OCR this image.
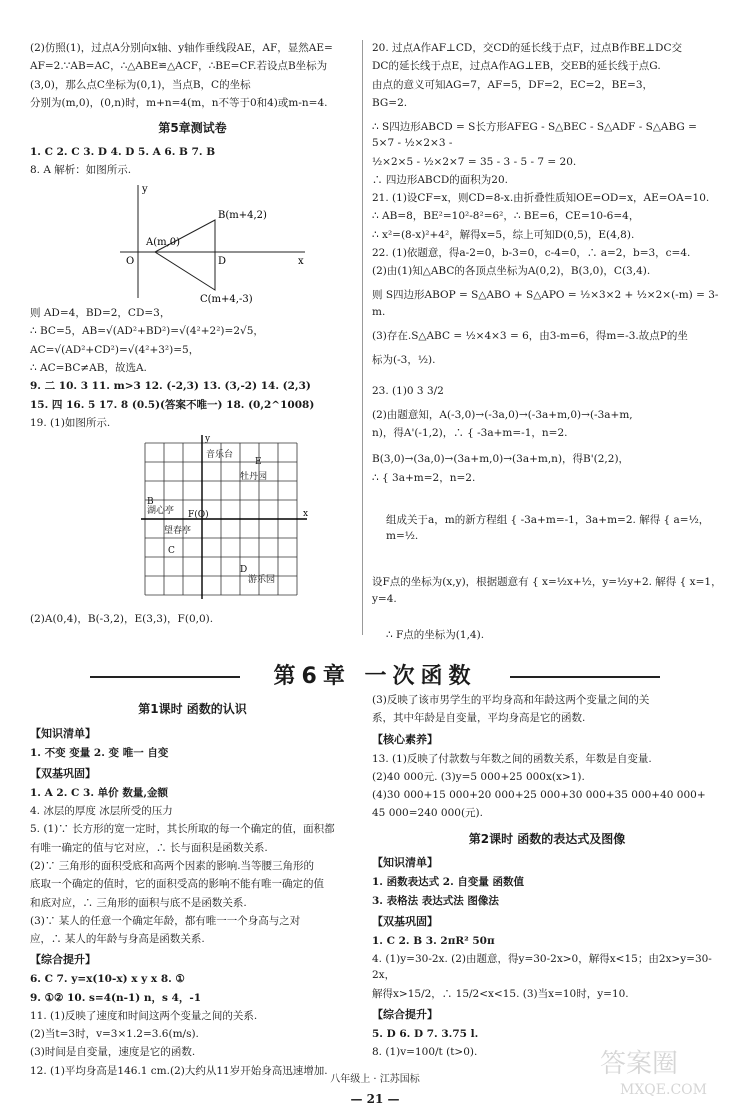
(2)仿照(1)，过点A分别向x轴、y轴作垂线段AE，AF，显然AE=
AF=2.∵AB=AC，∴△ABE≌△ACF，∴BE=CF.若设点B坐标为
(3,0)，那么点C坐标为(0,1)，当点B，C的坐标
分别为(m,0)，(0,n)时，m+n=4(m，n不等于0和4)或m-n=4.
第5章测试卷
1. C 2. C 3. D 4. D 5. A 6. B 7. B
8. A 解析：如图所示.
y
x
O
A(m,0)
B(m+4,2)
D
C(m+4,-3)
则 AD=4，BD=2，CD=3，
∴ BC=5，AB=√(AD²+BD²)=√(4²+2²)=2√5，
AC=√(AD²+CD²)=√(4²+3²)=5，
∴ AC=BC≠AB，故选A.
9. 二 10. 3 11. m>3 12. (-2,3) 13. (3,-2) 14. (2,3)
15. 四 16. 5 17. 8 (0.5)(答案不唯一) 18. (0,2^1008)
19. (1)如图所示.
y
x
音乐台
E
牡丹园
B
湖心亭
望春亭
F(O)
C
D
游乐园
(2)A(0,4)，B(-3,2)，E(3,3)，F(0,0).
20. 过点A作AF⊥CD，交CD的延长线于点F，过点B作BE⊥DC交
DC的延长线于点E，过点A作AG⊥EB，交EB的延长线于点G.
由点的意义可知AG=7，AF=5，DF=2，EC=2，BE=3，
BG=2.
∴ S四边形ABCD = S长方形AFEG - S△BEC - S△ADF - S△ABG = 5×7 - ½×2×3 -
½×2×5 - ½×2×7 = 35 - 3 - 5 - 7 = 20.
∴ 四边形ABCD的面积为20.
21. (1)设CF=x，则CD=8-x.由折叠性质知OE=OD=x，AE=OA=10.
∴ AB=8，BE²=10²-8²=6²，∴ BE=6，CE=10-6=4，
∴ x²=(8-x)²+4²，解得x=5，综上可知D(0,5)，E(4,8).
22. (1)依题意，得a-2=0，b-3=0，c-4=0，∴ a=2，b=3，c=4.
(2)由(1)知△ABC的各顶点坐标为A(0,2)，B(3,0)，C(3,4).
则 S四边形ABOP = S△ABO + S△APO = ½×3×2 + ½×2×(-m) = 3-m.
(3)存在.S△ABC = ½×4×3 = 6，由3-m=6，得m=-3.故点P的坐
标为(-3，½).
23. (1)0 3 3/2
(2)由题意知，A(-3,0)→(-3a,0)→(-3a+m,0)→(-3a+m,
n)，得A'(-1,2)，∴ { -3a+m=-1，n=2.
B(3,0)→(3a,0)→(3a+m,0)→(3a+m,n)，得B'(2,2)，
∴ { 3a+m=2，n=2.
组成关于a，m的新方程组 { -3a+m=-1，3a+m=2. 解得 { a=½，m=½.
设F点的坐标为(x,y)，根据题意有 { x=½x+½，y=½y+2. 解得 { x=1，y=4.
∴ F点的坐标为(1,4).
第6章 一次函数
第1课时 函数的认识
【知识清单】
1. 不变 变量 2. 变 唯一 自变
【双基巩固】
1. A 2. C 3. 单价 数量,金额
4. 冰层的厚度 冰层所受的压力
5. (1)∵ 长方形的宽一定时，其长所取的每一个确定的值，面积都
有唯一确定的值与它对应，∴ 长与面积是函数关系.
(2)∵ 三角形的面积受底和高两个因素的影响.当等腰三角形的
底取一个确定的值时，它的面积受高的影响不能有唯一确定的值
和底对应，∴ 三角形的面积与底不是函数关系.
(3)∵ 某人的任意一个确定年龄，都有唯一一个身高与之对
应，∴ 某人的年龄与身高是函数关系.
【综合提升】
6. C 7. y=x(10-x) x y x 8. ①
9. ①② 10. s=4(n-1) n，s 4，-1
11. (1)反映了速度和时间这两个变量之间的关系.
(2)当t=3时，v=3×1.2=3.6(m/s).
(3)时间是自变量，速度是它的函数.
12. (1)平均身高是146.1 cm.(2)大约从11岁开始身高迅速增加.
(3)反映了该市男学生的平均身高和年龄这两个变量之间的关
系，其中年龄是自变量，平均身高是它的函数.
【核心素养】
13. (1)反映了付款数与年数之间的函数关系，年数是自变量.
(2)40 000元. (3)y=5 000+25 000x(x>1).
(4)30 000+15 000+20 000+25 000+30 000+35 000+40 000+
45 000=240 000(元).
第2课时 函数的表达式及图像
【知识清单】
1. 函数表达式 2. 自变量 函数值
3. 表格法 表达式法 图像法
【双基巩固】
1. C 2. B 3. 2πR² 50π
4. (1)y=30-2x. (2)由题意，得y=30-2x>0，解得x<15；由2x>y=30-2x，
解得x>15/2，∴ 15/2<x<15. (3)当x=10时，y=10.
【综合提升】
5. D 6. D 7. 3.75 l.
8. (1)v=100/t (t>0).
八年级上 · 江苏国标
— 21 —
答案圈
MXQE.COM
